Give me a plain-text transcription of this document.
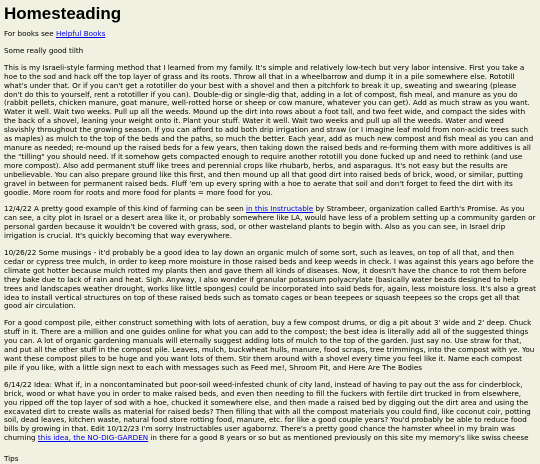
Homesteading

For books see Helpful Books

Some really good tilth

This is my Israeli-style farming method that I learned from my family. It's simple and relatively low-tech but very labor intensive. First you take a hoe to the sod and hack off the top layer of grass and its roots. Throw all that in a wheelbarrow and dump it in a pile somewhere else. Rototill what's under that. Or if you can't get a rototiller do your best with a shovel and then a pitchfork to break it up, sweating and swearing (please don't do this to yourself, rent a rototiller if you can). Double-dig or single-dig that, adding in a lot of compost, fish meal, and manure as you do (rabbit pellets, chicken manure, goat manure, well-rotted horse or sheep or cow manure, whatever you can get). Add as much straw as you want. Water it well. Wait two weeks. Pull up all the weeds. Mound up the dirt into rows about a foot tall, and two feet wide, and compact the sides with the back of a shovel, leaning your weight onto it. Plant your stuff. Water it well. Wait two weeks and pull up all the weeds. Water and weed slavishly throughout the growing season. If you can afford to add both drip irrigation and straw (or I imagine leaf mold from non-acidic trees such as maples) as mulch to the top of the beds and the paths, so much the better. Each year, add as much new compost and fish meal as you can and manure as needed; re-mound up the raised beds for a few years, then taking down the raised beds and re-forming them with more additives is all the "tilling" you should need. If it somehow gets compacted enough to require another rototill you done fucked up and need to rethink (and use more compost). Also add permanent stuff like trees and perennial crops like rhubarb, herbs, and asparagus. It's not easy but the results are unbelievable. You can also prepare ground like this first, and then mound up all that good dirt into raised beds of brick, wood, or similar, putting gravel in between for permanent raised beds. Fluff 'em up every spring with a hoe to aerate that soil and don't forget to feed the dirt with its goodie. More room for roots and more food for plants = more food for you.

12/4/22 A pretty good example of this kind of farming can be seen in this Instructable by Strambeer, organization called Earth's Promise. As you can see, a city plot in Israel or a desert area like it, or probably somewhere like LA, would have less of a problem setting up a community garden or personal garden because it wouldn't be covered with grass, sod, or other wasteland plants to begin with. Also as you can see, in Israel drip irrigation is crucial. It's quickly becoming that way everywhere.

10/26/22 Some musings - it'd probably be a good idea to lay down an organic mulch of some sort, such as leaves, on top of all that, and then cedar or cypress tree mulch, in order to keep more moisture in those raised beds and keep weeds in check. I was against this years ago before the climate got hotter because mulch rotted my plants then and gave them all kinds of diseases. Now, it doesn't have the chance to rot them before they bake due to lack of rain and heat. Sigh. Anyway, I also wonder if granular potassium polyacrylate (basically water beads designed to help trees and landscapes weather drought, works like little sponges) could be incorporated into said beds for, again, less moisture loss. It's also a great idea to install vertical structures on top of these raised beds such as tomato cages or bean teepees or squash teepees so the crops get all that good air circulation.

For a good compost pile, either construct something with lots of aeration, buy a few compost drums, or dig a pit about 3' wide and 2' deep. Chuck stuff in it. There are a million and one guides online for what you can add to the compost; the best idea is literally add all of the suggested things you can. A lot of organic gardening manuals will eternally suggest adding lots of mulch to the top of the garden. Just say no. Use straw for that, and put all the other stuff in the compost pile. Leaves, mulch, buckwheat hulls, manure, food scraps, tree trimmings, into the compost with ye. You want these compost piles to be huge and you want lots of them. Stir them around with a shovel every time you feel like it. Name each compost pile if you like, with a little sign next to each with messages such as Feed me!, Shroom Pit, and Here Are The Bodies

6/14/22 Idea: What if, in a noncontaminated but poor-soil weed-infested chunk of city land, instead of having to pay out the ass for cinderblock, brick, wood or what have you in order to make raised beds, and even then needing to fill the fuckers with fertile dirt trucked in from elsewhere, you ripped off the top layer of sod with a hoe, chucked it somewhere else, and then made a raised bed by digging out the dirt area and using the excavated dirt to create walls as material for raised beds? Then filling that with all the compost materials you could find, like coconut coir, potting soil, dead leaves, kitchen waste, natural food store rotting food, manure, etc. for like a good couple years? You'd probably be able to reduce food bills by growing in that. Edit 10/12/23 I'm sorry Instructables user agabornz. There's a pretty good chance the hamster wheel in my brain was churning this idea, the NO-DIG-GARDEN in there for a good 8 years or so but as mentioned previously on this site my memory's like swiss cheese

Tips
